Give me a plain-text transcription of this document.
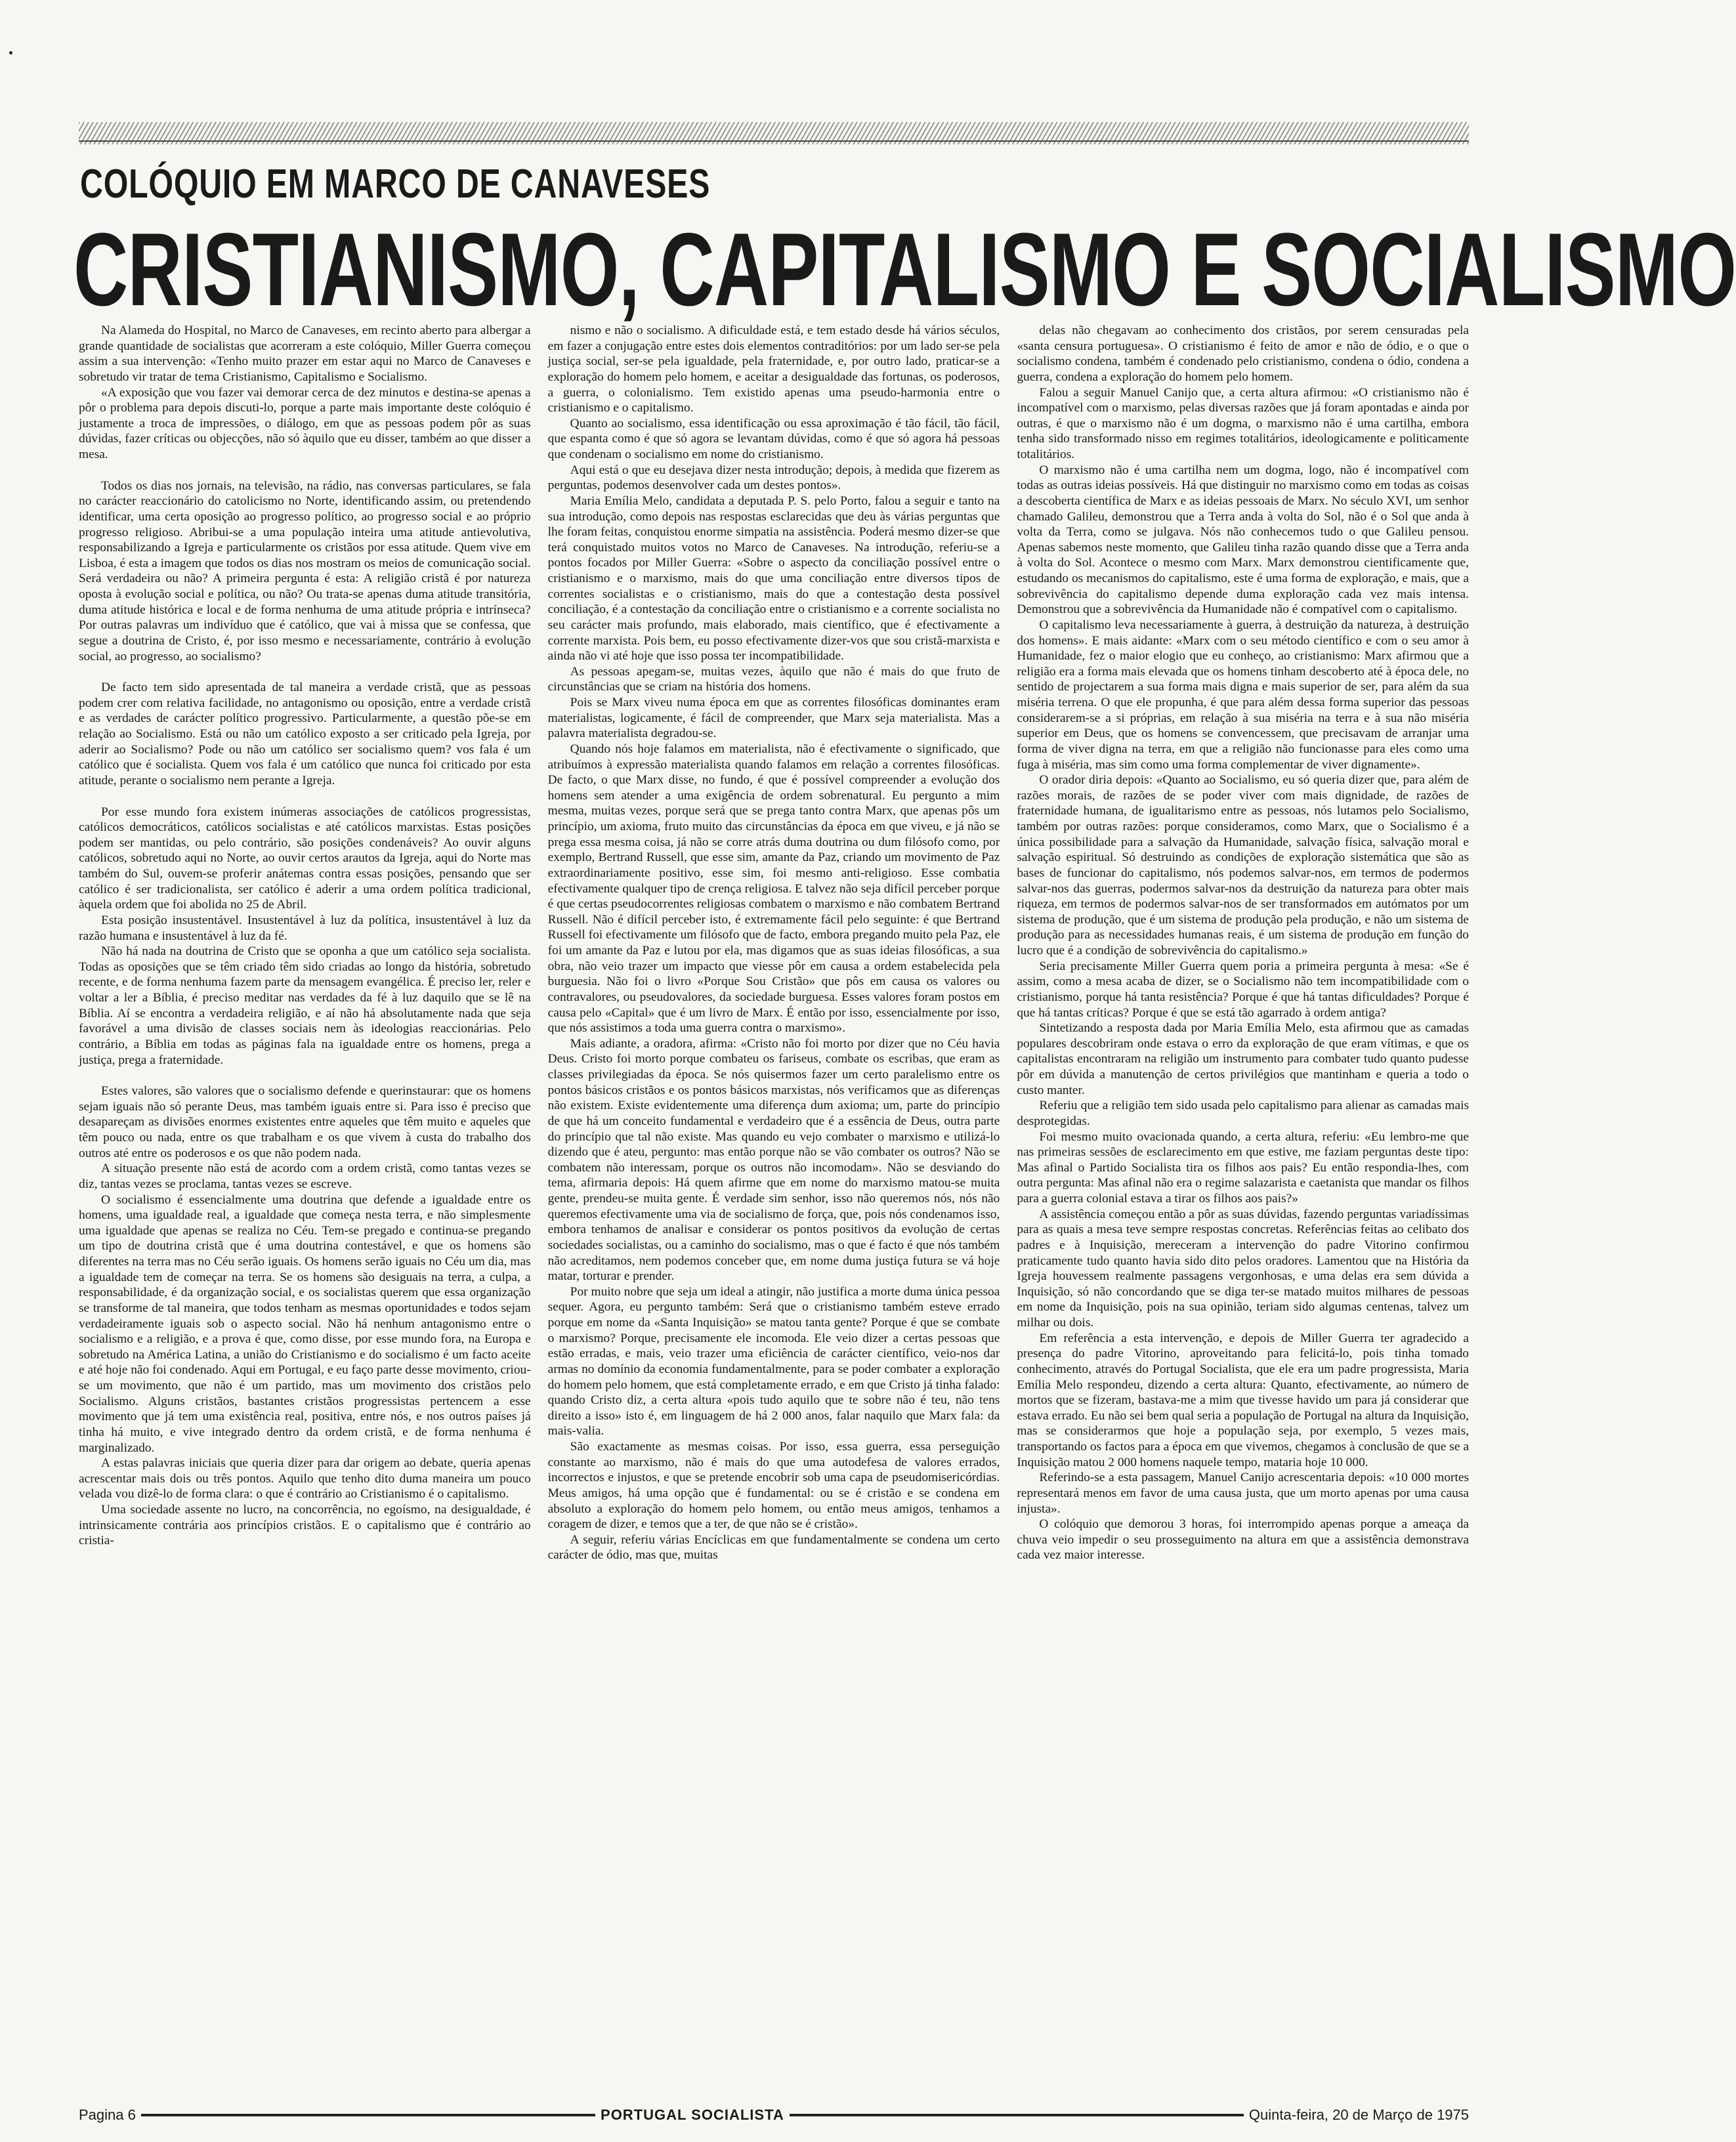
COLÓQUIO EM MARCO DE CANAVESES
CRISTIANISMO, CAPITALISMO E SOCIALISMO

Na Alameda do Hospital, no Marco de Canaveses, em recinto aberto para albergar a grande quantidade de socialistas que acorreram a este colóquio, Miller Guerra começou assim a sua intervenção: «Tenho muito prazer em estar aqui no Marco de Canaveses e sobretudo vir tratar de tema Cristianismo, Capitalismo e Socialismo.

«A exposição que vou fazer vai demorar cerca de dez minutos e destina-se apenas a pôr o problema para depois discuti-lo, porque a parte mais importante deste colóquio é justamente a troca de impressões, o diálogo, em que as pessoas podem pôr as suas dúvidas, fazer críticas ou objecções, não só àquilo que eu disser, também ao que disser a mesa.

Todos os dias nos jornais, na televisão, na rádio, nas conversas particulares, se fala no carácter reaccionário do catolicismo no Norte, identificando assim, ou pretendendo identificar, uma certa oposição ao progresso político, ao progresso social e ao próprio progresso religioso. Abribui-se a uma população inteira uma atitude antievolutiva, responsabilizando a Igreja e particularmente os cristãos por essa atitude. Quem vive em Lisboa, é esta a imagem que todos os dias nos mostram os meios de comunicação social. Será verdadeira ou não? A primeira pergunta é esta: A religião cristã é por natureza oposta à evolução social e política, ou não? Ou trata-se apenas duma atitude transitória, duma atitude histórica e local e de forma nenhuma de uma atitude própria e intrínseca? Por outras palavras um indivíduo que é católico, que vai à missa que se confessa, que segue a doutrina de Cristo, é, por isso mesmo e necessariamente, contrário à evolução social, ao progresso, ao socialismo?

De facto tem sido apresentada de tal maneira a verdade cristã, que as pessoas podem crer com relativa facilidade, no antagonismo ou oposição, entre a verdade cristã e as verdades de carácter político progressivo. Particularmente, a questão põe-se em relação ao Socialismo. Está ou não um católico exposto a ser criticado pela Igreja, por aderir ao Socialismo? Pode ou não um católico ser socialismo quem? vos fala é um católico que é socialista. Quem vos fala é um católico que nunca foi criticado por esta atitude, perante o socialismo nem perante a Igreja.

Por esse mundo fora existem inúmeras associações de católicos progressistas, católicos democráticos, católicos socialistas e até católicos marxistas. Estas posições podem ser mantidas, ou pelo contrário, são posições condenáveis? Ao ouvir alguns católicos, sobretudo aqui no Norte, ao ouvir certos arautos da Igreja, aqui do Norte mas também do Sul, ouvem-se proferir anátemas contra essas posições, pensando que ser católico é ser tradicionalista, ser católico é aderir a uma ordem política tradicional, àquela ordem que foi abolida no 25 de Abril.

Esta posição insustentável. Insustentável à luz da política, insustentável à luz da razão humana e insustentável à luz da fé.

Não há nada na doutrina de Cristo que se oponha a que um católico seja socialista. Todas as oposições que se têm criado têm sido criadas ao longo da história, sobretudo recente, e de forma nenhuma fazem parte da mensagem evangélica. É preciso ler, reler e voltar a ler a Bíblia, é preciso meditar nas verdades da fé à luz daquilo que se lê na Bíblia. Aí se encontra a verdadeira religião, e aí não há absolutamente nada que seja favorável a uma divisão de classes sociais nem às ideologias reaccionárias. Pelo contrário, a Bíblia em todas as páginas fala na igualdade entre os homens, prega a justiça, prega a fraternidade.

Estes valores, são valores que o socialismo defende e querinstaurar: que os homens sejam iguais não só perante Deus, mas também iguais entre si. Para isso é preciso que desapareçam as divisões enormes existentes entre aqueles que têm muito e aqueles que têm pouco ou nada, entre os que trabalham e os que vivem à custa do trabalho dos outros até entre os poderosos e os que não podem nada.

A situação presente não está de acordo com a ordem cristã, como tantas vezes se diz, tantas vezes se proclama, tantas vezes se escreve.

O socialismo é essencialmente uma doutrina que defende a igualdade entre os homens, uma igualdade real, a igualdade que começa nesta terra, e não simplesmente uma igualdade que apenas se realiza no Céu. Tem-se pregado e continua-se pregando um tipo de doutrina cristã que é uma doutrina contestável, e que os homens são diferentes na terra mas no Céu serão iguais. Os homens serão iguais no Céu um dia, mas a igualdade tem de começar na terra. Se os homens são desiguais na terra, a culpa, a responsabilidade, é da organização social, e os socialistas querem que essa organização se transforme de tal maneira, que todos tenham as mesmas oportunidades e todos sejam verdadeiramente iguais sob o aspecto social. Não há nenhum antagonismo entre o socialismo e a religião, e a prova é que, como disse, por esse mundo fora, na Europa e sobretudo na América Latina, a união do Cristianismo e do socialismo é um facto aceite e até hoje não foi condenado. Aqui em Portugal, e eu faço parte desse movimento, criou-se um movimento, que não é um partido, mas um movimento dos cristãos pelo Socialismo. Alguns cristãos, bastantes cristãos progressistas pertencem a esse movimento que já tem uma existência real, positiva, entre nós, e nos outros países já tinha há muito, e vive integrado dentro da ordem cristã, e de forma nenhuma é marginalizado.

A estas palavras iniciais que queria dizer para dar origem ao debate, queria apenas acrescentar mais dois ou três pontos. Aquilo que tenho dito duma maneira um pouco velada vou dizê-lo de forma clara: o que é contrário ao Cristianismo é o capitalismo.

Uma sociedade assente no lucro, na concorrência, no egoísmo, na desigualdade, é intrinsicamente contrária aos princípios cristãos. E o capitalismo que é contrário ao cristia-

nismo e não o socialismo. A dificuldade está, e tem estado desde há vários séculos, em fazer a conjugação entre estes dois elementos contraditórios: por um lado ser-se pela justiça social, ser-se pela igualdade, pela fraternidade, e, por outro lado, praticar-se a exploração do homem pelo homem, e aceitar a desigualdade das fortunas, os poderosos, a guerra, o colonialismo. Tem existido apenas uma pseudo-harmonia entre o cristianismo e o capitalismo.

Quanto ao socialismo, essa identificação ou essa aproximação é tão fácil, tão fácil, que espanta como é que só agora se levantam dúvidas, como é que só agora há pessoas que condenam o socialismo em nome do cristianismo.

Aqui está o que eu desejava dizer nesta introdução; depois, à medida que fizerem as perguntas, podemos desenvolver cada um destes pontos».

Maria Emília Melo, candidata a deputada P. S. pelo Porto, falou a seguir e tanto na sua introdução, como depois nas respostas esclarecidas que deu às várias perguntas que lhe foram feitas, conquistou enorme simpatia na assistência. Poderá mesmo dizer-se que terá conquistado muitos votos no Marco de Canaveses. Na introdução, referiu-se a pontos focados por Miller Guerra: «Sobre o aspecto da conciliação possível entre o cristianismo e o marxismo, mais do que uma conciliação entre diversos tipos de correntes socialistas e o cristianismo, mais do que a contestação desta possível conciliação, é a contestação da conciliação entre o cristianismo e a corrente socialista no seu carácter mais profundo, mais elaborado, mais científico, que é efectivamente a corrente marxista. Pois bem, eu posso efectivamente dizer-vos que sou cristã-marxista e ainda não vi até hoje que isso possa ter incompatibilidade.

As pessoas apegam-se, muitas vezes, àquilo que não é mais do que fruto de circunstâncias que se criam na história dos homens.

Pois se Marx viveu numa época em que as correntes filosóficas dominantes eram materialistas, logicamente, é fácil de compreender, que Marx seja materialista. Mas a palavra materialista degradou-se.

Quando nós hoje falamos em materialista, não é efectivamente o significado, que atribuímos à expressão materialista quando falamos em relação a correntes filosóficas. De facto, o que Marx disse, no fundo, é que é possível compreender a evolução dos homens sem atender a uma exigência de ordem sobrenatural. Eu pergunto a mim mesma, muitas vezes, porque será que se prega tanto contra Marx, que apenas pôs um princípio, um axioma, fruto muito das circunstâncias da época em que viveu, e já não se prega essa mesma coisa, já não se corre atrás duma doutrina ou dum filósofo como, por exemplo, Bertrand Russell, que esse sim, amante da Paz, criando um movimento de Paz extraordinariamente positivo, esse sim, foi mesmo anti-religioso. Esse combatia efectivamente qualquer tipo de crença religiosa. E talvez não seja difícil perceber porque é que certas pseudocorrentes religiosas combatem o marxismo e não combatem Bertrand Russell. Não é difícil perceber isto, é extremamente fácil pelo seguinte: é que Bertrand Russell foi efectivamente um filósofo que de facto, embora pregando muito pela Paz, ele foi um amante da Paz e lutou por ela, mas digamos que as suas ideias filosóficas, a sua obra, não veio trazer um impacto que viesse pôr em causa a ordem estabelecida pela burguesia. Não foi o livro «Porque Sou Cristão» que pôs em causa os valores ou contravalores, ou pseudovalores, da sociedade burguesa. Esses valores foram postos em causa pelo «Capital» que é um livro de Marx. É então por isso, essencialmente por isso, que nós assistimos a toda uma guerra contra o marxismo».

Mais adiante, a oradora, afirma: «Cristo não foi morto por dizer que no Céu havia Deus. Cristo foi morto porque combateu os fariseus, combate os escribas, que eram as classes privilegiadas da época. Se nós quisermos fazer um certo paralelismo entre os pontos básicos cristãos e os pontos básicos marxistas, nós verificamos que as diferenças não existem. Existe evidentemente uma diferença dum axioma; um, parte do princípio de que há um conceito fundamental e verdadeiro que é a essência de Deus, outra parte do princípio que tal não existe. Mas quando eu vejo combater o marxismo e utilizá-lo dizendo que é ateu, pergunto: mas então porque não se vão combater os outros? Não se combatem não interessam, porque os outros não incomodam». Não se desviando do tema, afirmaria depois: Há quem afirme que em nome do marxismo matou-se muita gente, prendeu-se muita gente. É verdade sim senhor, isso não queremos nós, nós não queremos efectivamente uma via de socialismo de força, que, pois nós condenamos isso, embora tenhamos de analisar e considerar os pontos positivos da evolução de certas sociedades socialistas, ou a caminho do socialismo, mas o que é facto é que nós também não acreditamos, nem podemos conceber que, em nome duma justiça futura se vá hoje matar, torturar e prender.

Por muito nobre que seja um ideal a atingir, não justifica a morte duma única pessoa sequer. Agora, eu pergunto também: Será que o cristianismo também esteve errado porque em nome da «Santa Inquisição» se matou tanta gente? Porque é que se combate o marxismo? Porque, precisamente ele incomoda. Ele veio dizer a certas pessoas que estão erradas, e mais, veio trazer uma eficiência de carácter científico, veio-nos dar armas no domínio da economia fundamentalmente, para se poder combater a exploração do homem pelo homem, que está completamente errado, e em que Cristo já tinha falado: quando Cristo diz, a certa altura «pois tudo aquilo que te sobre não é teu, não tens direito a isso» isto é, em linguagem de há 2 000 anos, falar naquilo que Marx fala: da mais-valia.

São exactamente as mesmas coisas. Por isso, essa guerra, essa perseguição constante ao marxismo, não é mais do que uma autodefesa de valores errados, incorrectos e injustos, e que se pretende encobrir sob uma capa de pseudomisericórdias. Meus amigos, há uma opção que é fundamental: ou se é cristão e se condena em absoluto a exploração do homem pelo homem, ou então meus amigos, tenhamos a coragem de dizer, e temos que a ter, de que não se é cristão».

A seguir, referiu várias Encíclicas em que fundamentalmente se condena um certo carácter de ódio, mas que, muitas

delas não chegavam ao conhecimento dos cristãos, por serem censuradas pela «santa censura portuguesa». O cristianismo é feito de amor e não de ódio, e o que o socialismo condena, também é condenado pelo cristianismo, condena o ódio, condena a guerra, condena a exploração do homem pelo homem.

Falou a seguir Manuel Canijo que, a certa altura afirmou: «O cristianismo não é incompatível com o marxismo, pelas diversas razões que já foram apontadas e ainda por outras, é que o marxismo não é um dogma, o marxismo não é uma cartilha, embora tenha sido transformado nisso em regimes totalitários, ideologicamente e politicamente totalitários.

O marxismo não é uma cartilha nem um dogma, logo, não é incompatível com todas as outras ideias possíveis. Há que distinguir no marxismo como em todas as coisas a descoberta científica de Marx e as ideias pessoais de Marx. No século XVI, um senhor chamado Galileu, demonstrou que a Terra anda à volta do Sol, não é o Sol que anda à volta da Terra, como se julgava. Nós não conhecemos tudo o que Galileu pensou. Apenas sabemos neste momento, que Galileu tinha razão quando disse que a Terra anda à volta do Sol. Acontece o mesmo com Marx. Marx demonstrou cientificamente que, estudando os mecanismos do capitalismo, este é uma forma de exploração, e mais, que a sobrevivência do capitalismo depende duma exploração cada vez mais intensa. Demonstrou que a sobrevivência da Humanidade não é compatível com o capitalismo.

O capitalismo leva necessariamente à guerra, à destruição da natureza, à destruição dos homens». E mais aidante: «Marx com o seu método científico e com o seu amor à Humanidade, fez o maior elogio que eu conheço, ao cristianismo: Marx afirmou que a religião era a forma mais elevada que os homens tinham descoberto até à época dele, no sentido de projectarem a sua forma mais digna e mais superior de ser, para além da sua miséria terrena. O que ele propunha, é que para além dessa forma superior das pessoas considerarem-se a si próprias, em relação à sua miséria na terra e à sua não miséria superior em Deus, que os homens se convencessem, que precisavam de arranjar uma forma de viver digna na terra, em que a religião não funcionasse para eles como uma fuga à miséria, mas sim como uma forma complementar de viver dignamente».

O orador diria depois: «Quanto ao Socialismo, eu só queria dizer que, para além de razões morais, de razões de se poder viver com mais dignidade, de razões de fraternidade humana, de igualitarismo entre as pessoas, nós lutamos pelo Socialismo, também por outras razões: porque consideramos, como Marx, que o Socialismo é a única possibilidade para a salvação da Humanidade, salvação física, salvação moral e salvação espiritual. Só destruindo as condições de exploração sistemática que são as bases de funcionar do capitalismo, nós podemos salvar-nos, em termos de podermos salvar-nos das guerras, podermos salvar-nos da destruição da natureza para obter mais riqueza, em termos de podermos salvar-nos de ser transformados em autómatos por um sistema de produção, que é um sistema de produção pela produção, e não um sistema de produção para as necessidades humanas reais, é um sistema de produção em função do lucro que é a condição de sobrevivência do capitalismo.»

Seria precisamente Miller Guerra quem poria a primeira pergunta à mesa: «Se é assim, como a mesa acaba de dizer, se o Socialismo não tem incompatibilidade com o cristianismo, porque há tanta resistência? Porque é que há tantas dificuldades? Porque é que há tantas críticas? Porque é que se está tão agarrado à ordem antiga?

Sintetizando a resposta dada por Maria Emília Melo, esta afirmou que as camadas populares descobriram onde estava o erro da exploração de que eram vítimas, e que os capitalistas encontraram na religião um instrumento para combater tudo quanto pudesse pôr em dúvida a manutenção de certos privilégios que mantinham e queria a todo o custo manter.

Referiu que a religião tem sido usada pelo capitalismo para alienar as camadas mais desprotegidas.

Foi mesmo muito ovacionada quando, a certa altura, referiu: «Eu lembro-me que nas primeiras sessões de esclarecimento em que estive, me faziam perguntas deste tipo: Mas afinal o Partido Socialista tira os filhos aos pais? Eu então respondia-lhes, com outra pergunta: Mas afinal não era o regime salazarista e caetanista que mandar os filhos para a guerra colonial estava a tirar os filhos aos pais?»

A assistência começou então a pôr as suas dúvidas, fazendo perguntas variadíssimas para as quais a mesa teve sempre respostas concretas. Referências feitas ao celibato dos padres e à Inquisição, mereceram a intervenção do padre Vitorino confirmou praticamente tudo quanto havia sido dito pelos oradores. Lamentou que na História da Igreja houvessem realmente passagens vergonhosas, e uma delas era sem dúvida a Inquisição, só não concordando que se diga ter-se matado muitos milhares de pessoas em nome da Inquisição, pois na sua opinião, teriam sido algumas centenas, talvez um milhar ou dois.

Em referência a esta intervenção, e depois de Miller Guerra ter agradecido a presença do padre Vitorino, aproveitando para felicitá-lo, pois tinha tomado conhecimento, através do Portugal Socialista, que ele era um padre progressista, Maria Emília Melo respondeu, dizendo a certa altura: Quanto, efectivamente, ao número de mortos que se fizeram, bastava-me a mim que tivesse havido um para já considerar que estava errado. Eu não sei bem qual seria a população de Portugal na altura da Inquisição, mas se considerarmos que hoje a população seja, por exemplo, 5 vezes mais, transportando os factos para a época em que vivemos, chegamos à conclusão de que se a Inquisição matou 2 000 homens naquele tempo, mataria hoje 10 000.

Referindo-se a esta passagem, Manuel Canijo acrescentaria depois: «10 000 mortes representará menos em favor de uma causa justa, que um morto apenas por uma causa injusta».

O colóquio que demorou 3 horas, foi interrompido apenas porque a ameaça da chuva veio impedir o seu prosseguimento na altura em que a assistência demonstrava cada vez maior interesse.

Pagina 6	PORTUGAL SOCIALISTA	Quinta-feira, 20 de Março de 1975
